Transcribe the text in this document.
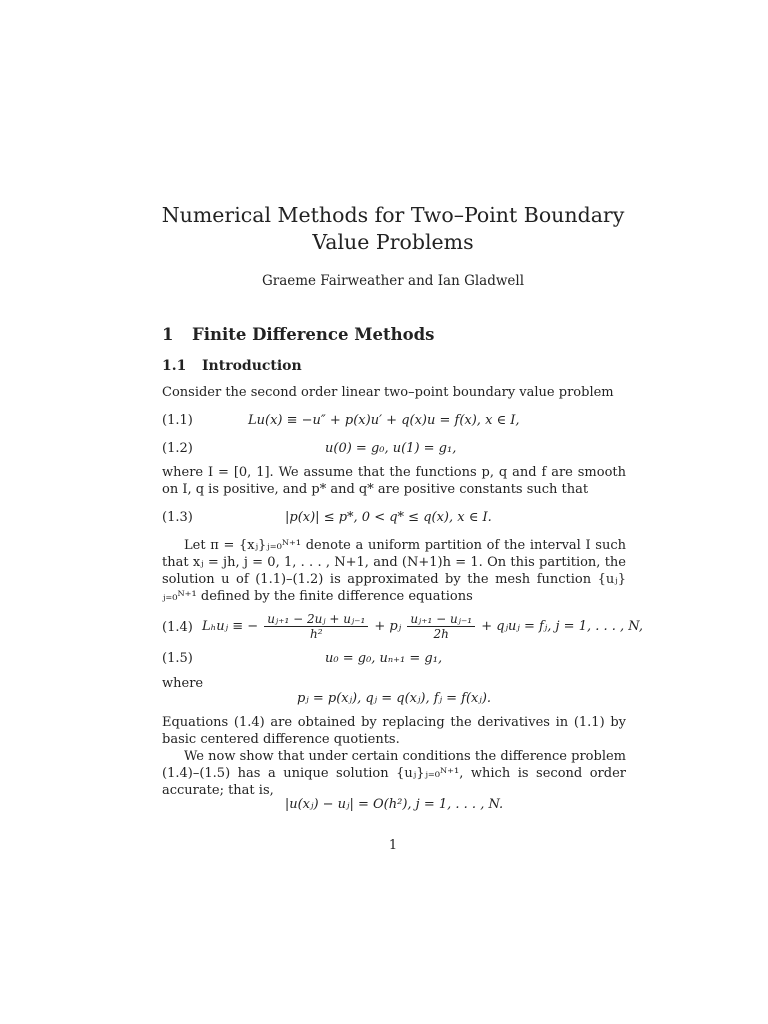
Numerical Methods for Two–Point Boundary Value Problems
Graeme Fairweather and Ian Gladwell
1 Finite Difference Methods
1.1 Introduction
Consider the second order linear two–point boundary value problem
(1.1)	Lu(x) ≡ −u″ + p(x)u′ + q(x)u = f(x), x ∈ I,
(1.2)	u(0) = g₀, u(1) = g₁,
where I = [0, 1]. We assume that the functions p, q and f are smooth on I, q is positive, and p* and q* are positive constants such that
(1.3)	|p(x)| ≤ p*, 0 < q* ≤ q(x), x ∈ I.
Let π = {xⱼ}ⱼ₌₀ᴺ⁺¹ denote a uniform partition of the interval I such that xⱼ = jh, j = 0, 1, . . . , N+1, and (N+1)h = 1. On this partition, the solution u of (1.1)–(1.2) is approximated by the mesh function {uⱼ}ⱼ₌₀ᴺ⁺¹ defined by the finite difference equations
(1.4) Lₕuⱼ ≡ − $\frac{\text{uⱼ₊₁ − 2uⱼ + uⱼ₋₁}}{\text{h²}}$ + pⱼ $\frac{\text{uⱼ₊₁ − uⱼ₋₁}}{2h}$ + qⱼuⱼ = fⱼ, j = 1, . . . , N,
(1.5)	u₀ = g₀, uₙ₊₁ = g₁,
where
pⱼ = p(xⱼ), qⱼ = q(xⱼ), fⱼ = f(xⱼ).
Equations (1.4) are obtained by replacing the derivatives in (1.1) by basic centered difference quotients.
We now show that under certain conditions the difference problem (1.4)–(1.5) has a unique solution {uⱼ}ⱼ₌₀ᴺ⁺¹, which is second order accurate; that is,
|u(xⱼ) − uⱼ| = O(h²), j = 1, . . . , N.
1
